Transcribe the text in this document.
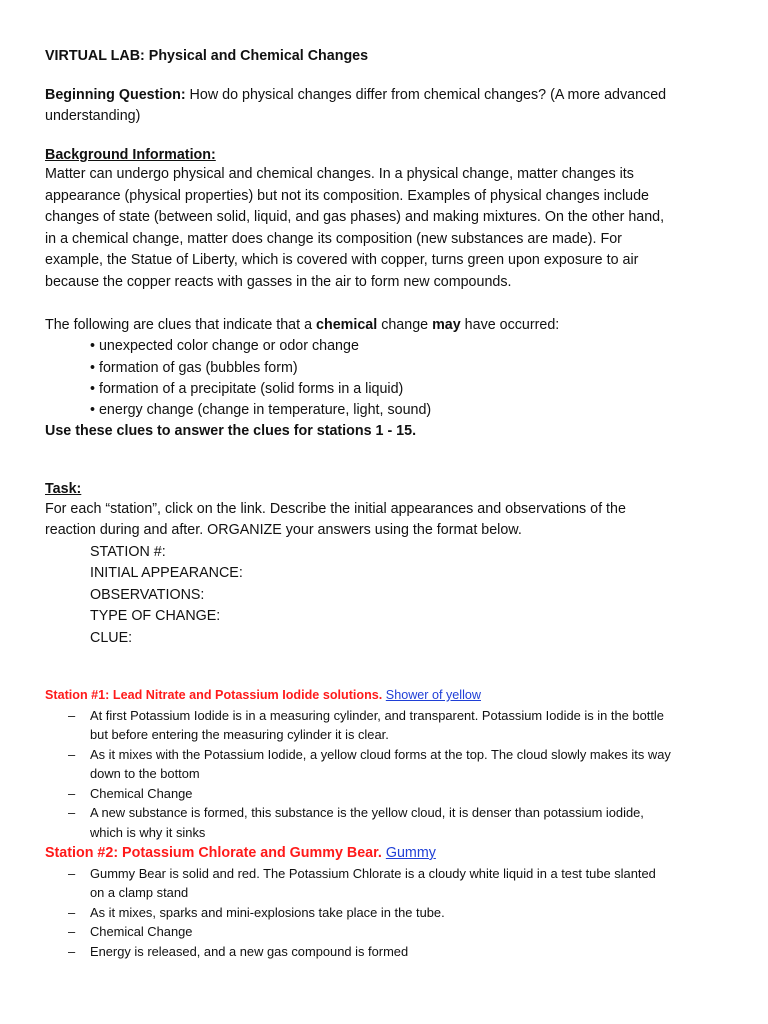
VIRTUAL LAB: Physical and Chemical Changes
Beginning Question: How do physical changes differ from chemical changes? (A more advanced
understanding)
Background Information:
Matter can undergo physical and chemical changes. In a physical change, matter changes its
appearance (physical properties) but not its composition. Examples of physical changes include
changes of state (between solid, liquid, and gas phases) and making mixtures. On the other hand,
in a chemical change, matter does change its composition (new substances are made). For
example, the Statue of Liberty, which is covered with copper, turns green upon exposure to air
because the copper reacts with gasses in the air to form new compounds.
The following are clues that indicate that a chemical change may have occurred:
• unexpected color change or odor change
• formation of gas (bubbles form)
• formation of a precipitate (solid forms in a liquid)
• energy change (change in temperature, light, sound)
Use these clues to answer the clues for stations 1 - 15.
Task:
For each “station”, click on the link. Describe the initial appearances and observations of the
reaction during and after. ORGANIZE your answers using the format below.
STATION #:
INITIAL APPEARANCE:
OBSERVATIONS:
TYPE OF CHANGE:
CLUE:
Station #1: Lead Nitrate and Potassium Iodide solutions. Shower of yellow
– At first Potassium Iodide is in a measuring cylinder, and transparent. Potassium Iodide is in the bottle
but before entering the measuring cylinder it is clear.
– As it mixes with the Potassium Iodide, a yellow cloud forms at the top. The cloud slowly makes its way
down to the bottom
– Chemical Change
– A new substance is formed, this substance is the yellow cloud, it is denser than potassium iodide,
which is why it sinks
Station #2: Potassium Chlorate and Gummy Bear. Gummy
– Gummy Bear is solid and red. The Potassium Chlorate is a cloudy white liquid in a test tube slanted
on a clamp stand
– As it mixes, sparks and mini-explosions take place in the tube.
– Chemical Change
– Energy is released, and a new gas compound is formed
